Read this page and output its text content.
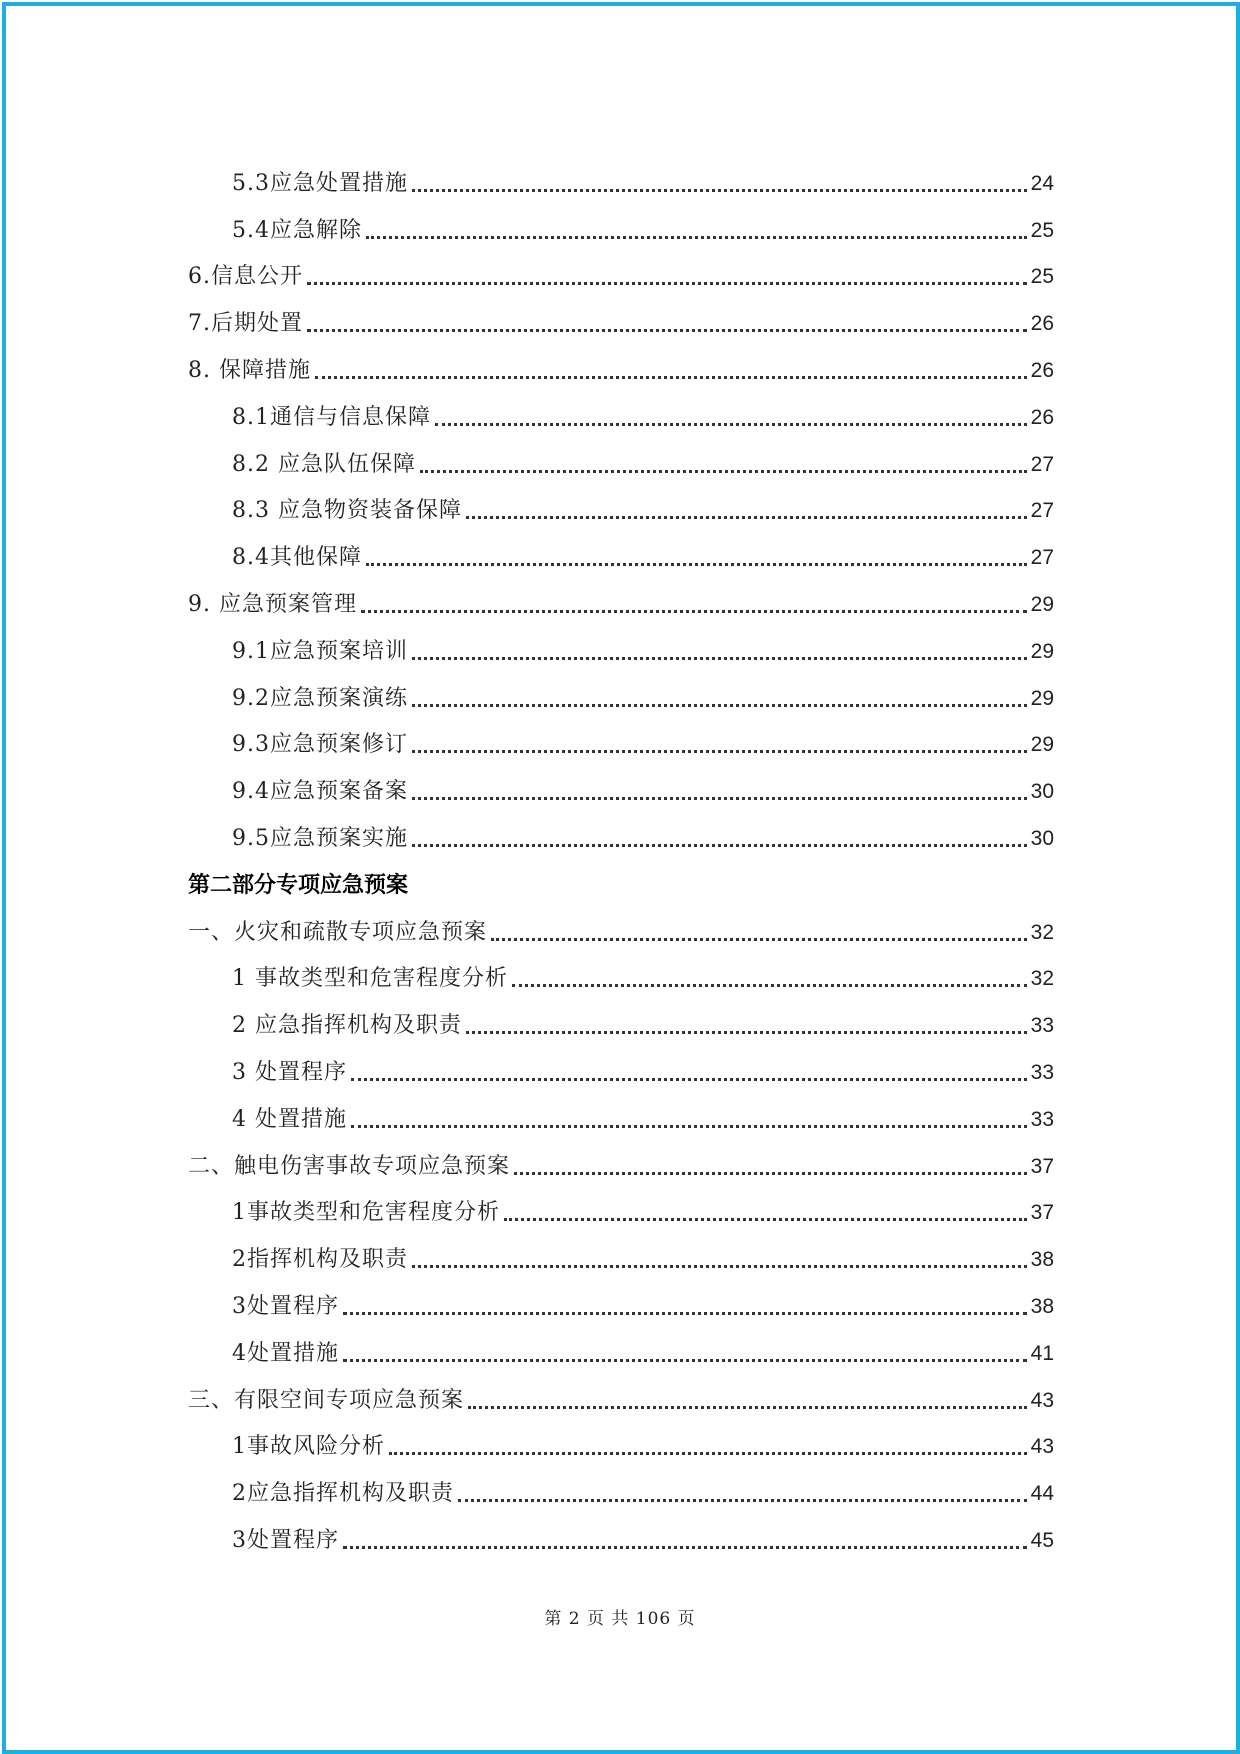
5.3应急处置措施	24
5.4应急解除	25
6.信息公开	25
7.后期处置	26
8. 保障措施	26
8.1通信与信息保障	26
8.2 应急队伍保障	27
8.3 应急物资装备保障	27
8.4其他保障	27
9. 应急预案管理	29
9.1应急预案培训	29
9.2应急预案演练	29
9.3应急预案修订	29
9.4应急预案备案	30
9.5应急预案实施	30
第二部分专项应急预案
一、火灾和疏散专项应急预案	32
1 事故类型和危害程度分析	32
2 应急指挥机构及职责	33
3 处置程序	33
4 处置措施	33
二、触电伤害事故专项应急预案	37
1事故类型和危害程度分析	37
2指挥机构及职责	38
3处置程序	38
4处置措施	41
三、有限空间专项应急预案	43
1事故风险分析	43
2应急指挥机构及职责	44
3处置程序	45
第 2 页 共 106 页
